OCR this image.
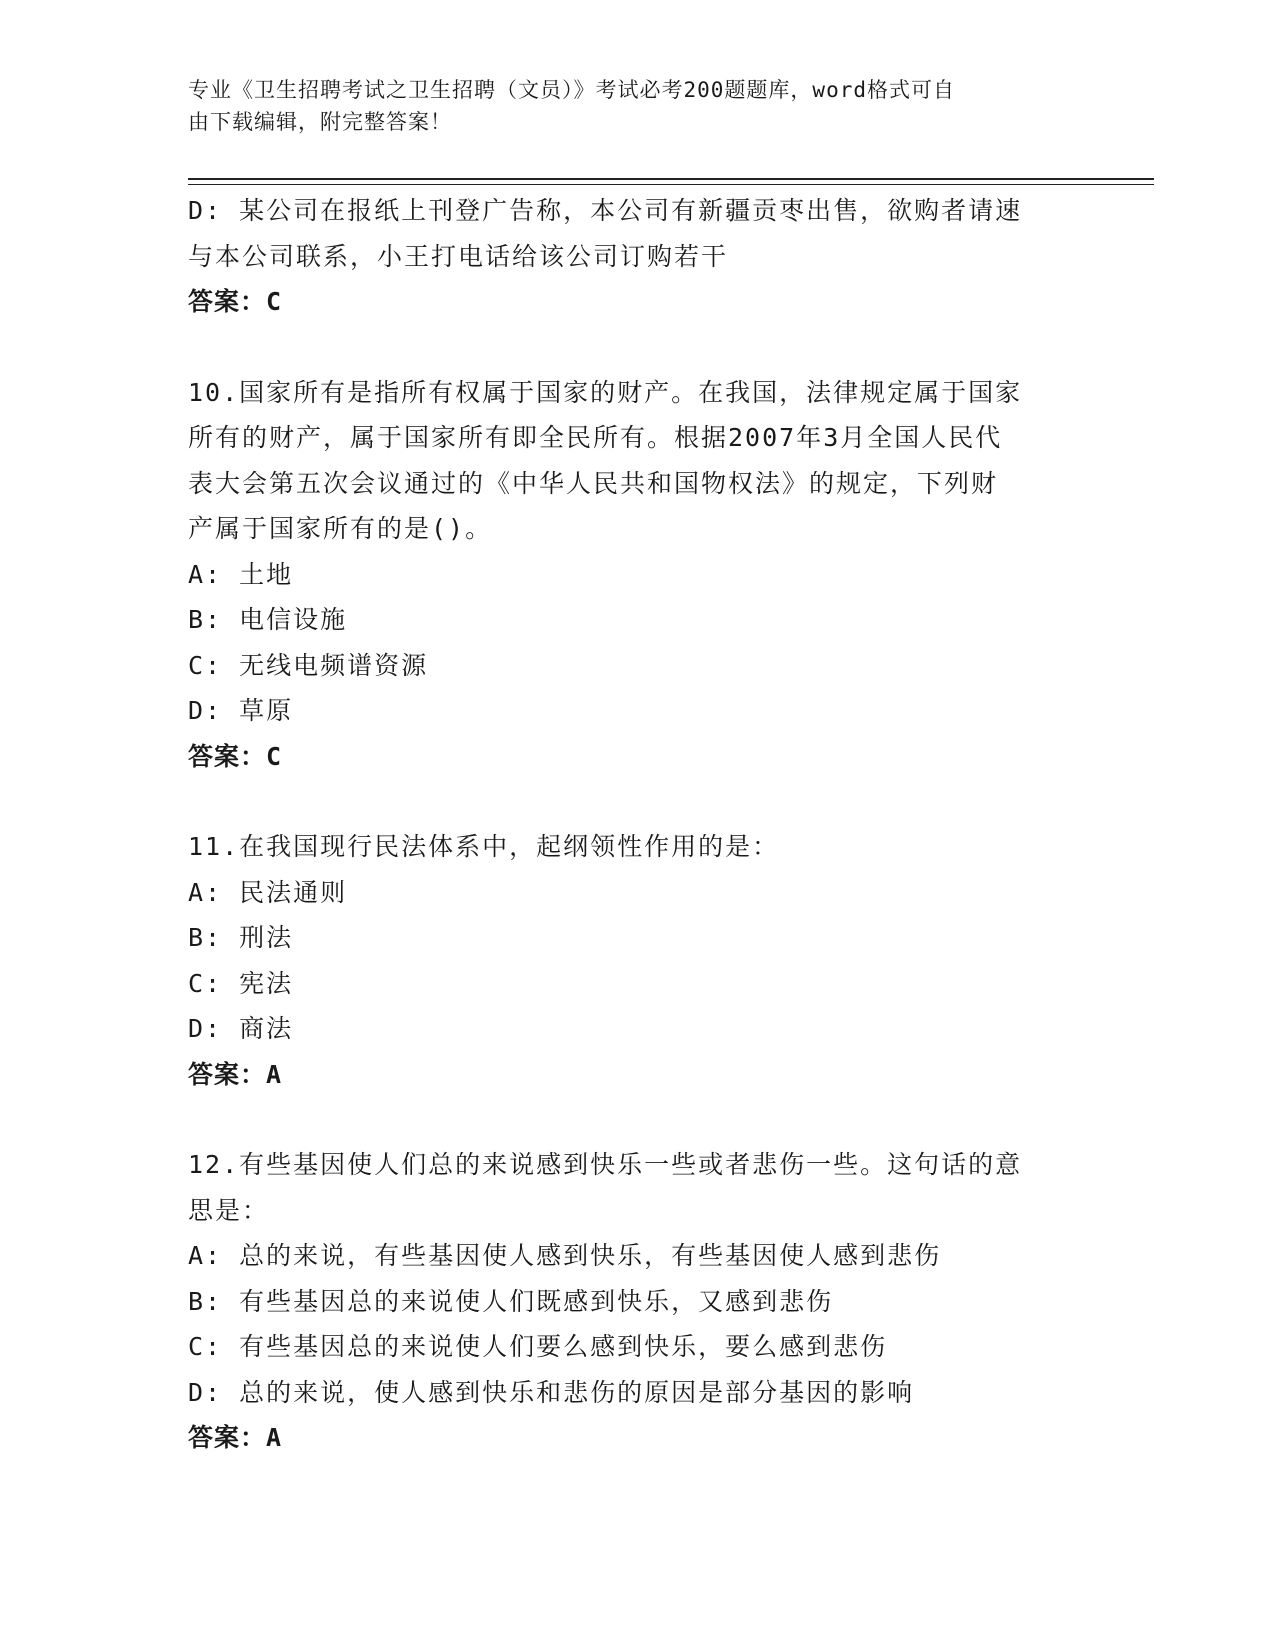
专业《卫生招聘考试之卫生招聘（文员）》考试必考200题题库，word格式可自
由下载编辑，附完整答案！
D: 某公司在报纸上刊登广告称，本公司有新疆贡枣出售，欲购者请速
与本公司联系，小王打电话给该公司订购若干
答案：C
10.国家所有是指所有权属于国家的财产。在我国，法律规定属于国家
所有的财产，属于国家所有即全民所有。根据2007年3月全国人民代
表大会第五次会议通过的《中华人民共和国物权法》的规定，下列财
产属于国家所有的是()。
A: 土地
B: 电信设施
C: 无线电频谱资源
D: 草原
答案：C
11.在我国现行民法体系中，起纲领性作用的是：
A: 民法通则
B: 刑法
C: 宪法
D: 商法
答案：A
12.有些基因使人们总的来说感到快乐一些或者悲伤一些。这句话的意
思是：
A: 总的来说，有些基因使人感到快乐，有些基因使人感到悲伤
B: 有些基因总的来说使人们既感到快乐，又感到悲伤
C: 有些基因总的来说使人们要么感到快乐，要么感到悲伤
D: 总的来说，使人感到快乐和悲伤的原因是部分基因的影响
答案：A
